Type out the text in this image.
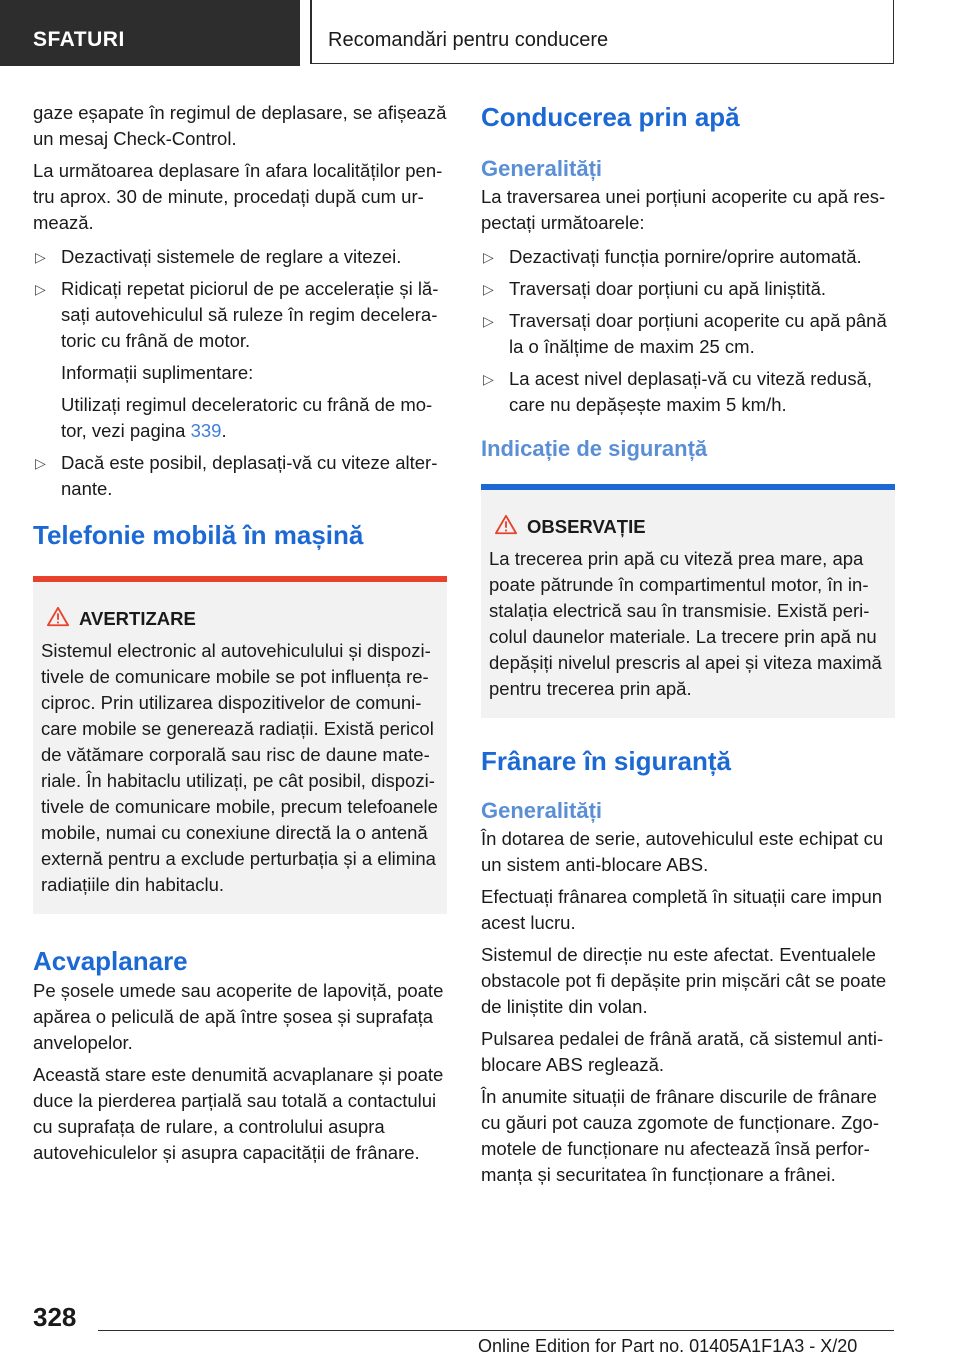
SFATURI	Recomandări pentru conducere

gaze eșapate în regimul de deplasare, se afișează un mesaj Check-Control.

La următoarea deplasare în afara localităților pentru aprox. 30 de minute, procedați după cum urmează.

▷ Dezactivați sistemele de reglare a vitezei.
▷ Ridicați repetat piciorul de pe accelerație și lăsați autovehiculul să ruleze în regim deceleratoric cu frână de motor.
Informații suplimentare:
Utilizați regimul deceleratoric cu frână de motor, vezi pagina 339.
▷ Dacă este posibil, deplasați-vă cu viteze alternante.
Telefonie mobilă în mașină
AVERTIZARE

Sistemul electronic al autovehiculului și dispozitivele de comunicare mobile se pot influența reciproc. Prin utilizarea dispozitivelor de comunicare mobile se generează radiații. Există pericol de vătămare corporală sau risc de daune materiale. În habitaclu utilizați, pe cât posibil, dispozitivele de comunicare mobile, precum telefoanele mobile, numai cu conexiune directă la o antenă externă pentru a exclude perturbația și a elimina radiațiile din habitaclu.

Acvaplanare

Pe șosele umede sau acoperite de lapoviță, poate apărea o peliculă de apă între șosea și suprafața anvelopelor.

Această stare este denumită acvaplanare și poate duce la pierderea parțială sau totală a contactului cu suprafața de rulare, a controlului asupra autovehiculelor și asupra capacității de frânare.

Conducerea prin apă
Generalități

La traversarea unei porțiuni acoperite cu apă respectați următoarele:

▷ Dezactivați funcția pornire/oprire automată.
▷ Traversați doar porțiuni cu apă liniștită.
▷ Traversați doar porțiuni acoperite cu apă până la o înălțime de maxim 25 cm.
▷ La acest nivel deplasați-vă cu viteză redusă, care nu depășește maxim 5 km/h.
Indicație de siguranță
OBSERVAȚIE

La trecerea prin apă cu viteză prea mare, apa poate pătrunde în compartimentul motor, în instalația electrică sau în transmisie. Există pericolul daunelor materiale. La trecere prin apă nu depășiți nivelul prescris al apei și viteza maximă pentru trecerea prin apă.

Frânare în siguranță
Generalități

În dotarea de serie, autovehiculul este echipat cu un sistem anti-blocare ABS.

Efectuați frânarea completă în situații care impun acest lucru.

Sistemul de direcție nu este afectat. Eventualele obstacole pot fi depășite prin mișcări cât se poate de liniștite din volan.

Pulsarea pedalei de frână arată, că sistemul antiblocare ABS reglează.

În anumite situații de frânare discurile de frânare cu găuri pot cauza zgomote de funcționare. Zgomotele de funcționare nu afectează însă performanța și securitatea în funcționare a frânei.

328
Online Edition for Part no. 01405A1F1A3 - X/20
